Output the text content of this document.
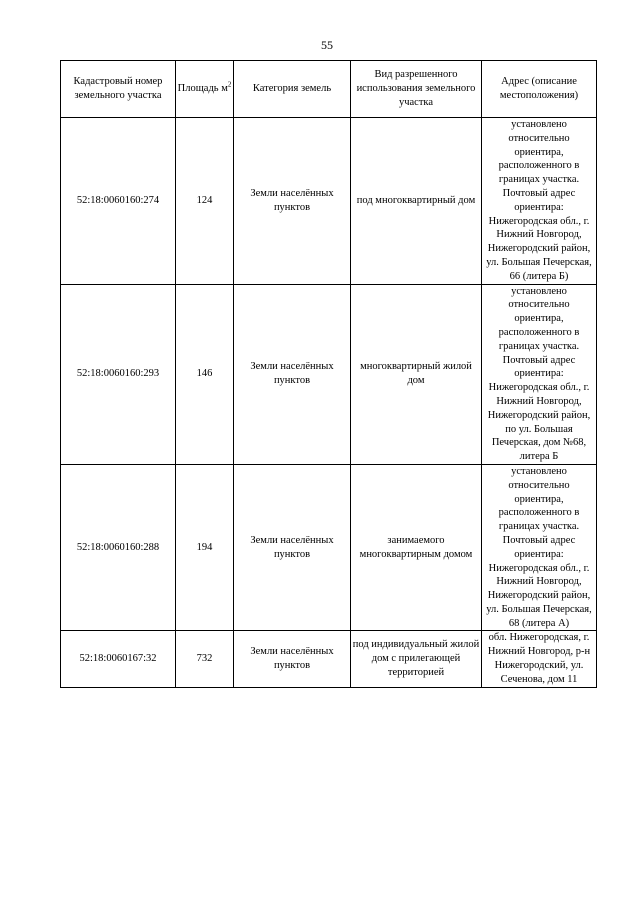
55
Кадастровый номер земельного участка	Площадь $м^2$	Категория земель	Вид разрешенного использования земельного участка	Адрес (описание местоположения)
52:18:0060160:274	124	Земли населённых пунктов	под многоквартирный дом	установлено относительно ориентира, расположенного в границах участка. Почтовый адрес ориентира: Нижегородская обл., г. Нижний Новгород, Нижегородский район, ул. Большая Печерская, 66 (литера Б)
52:18:0060160:293	146	Земли населённых пунктов	многоквартирный жилой дом	установлено относительно ориентира, расположенного в границах участка. Почтовый адрес ориентира: Нижегородская обл., г. Нижний Новгород, Нижегородский район, по ул. Большая Печерская, дом №68, литера Б
52:18:0060160:288	194	Земли населённых пунктов	занимаемого многоквартирным домом	установлено относительно ориентира, расположенного в границах участка. Почтовый адрес ориентира: Нижегородская обл., г. Нижний Новгород, Нижегородский район, ул. Большая Печерская, 68 (литера А)
52:18:0060167:32	732	Земли населённых пунктов	под индивидуальный жилой дом с прилегающей территорией	обл. Нижегородская, г. Нижний Новгород, р-н Нижегородский, ул. Сеченова, дом 11
